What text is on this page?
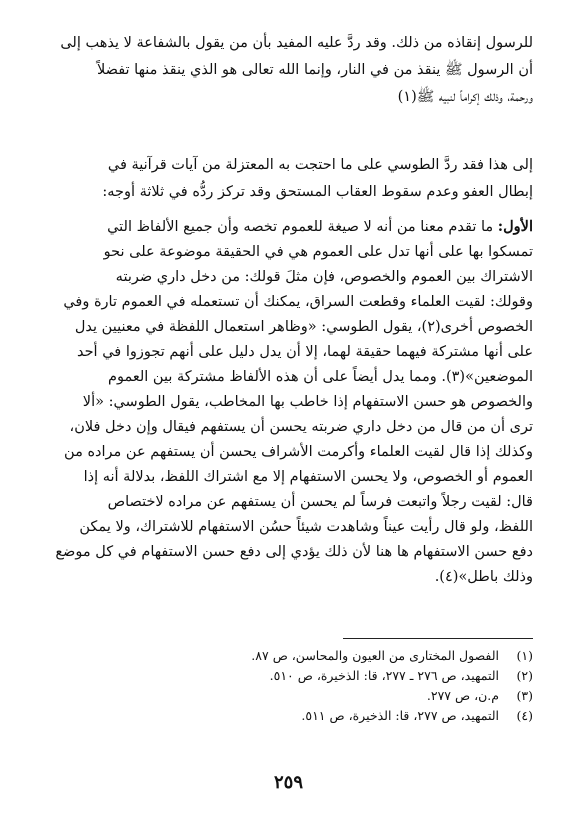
للرسول إنقاذه من ذلك. وقد ردَّ عليه المفيد بأن من يقول بالشفاعة لا يذهب إلى
أن الرسول ﷺ ينقذ من في النار، وإنما الله تعالى هو الذي ينقذ منها تفضلاً
ورحمة، وذلك إكراماً لنبيه ﷺ(١)
إلى هذا فقد ردَّ الطوسي على ما احتجت به المعتزلة من آيات قرآنية في
إبطال العفو وعدم سقوط العقاب المستحق وقد تركز ردُّه في ثلاثة أوجه:
الأول: ما تقدم معنا من أنه لا صيغة للعموم تخصه وأن جميع الألفاظ التي
تمسكوا بها على أنها تدل على العموم هي في الحقيقة موضوعة على نحو
الاشتراك بين العموم والخصوص، فإن مثلَ قولك: من دخل داري ضربته
وقولك: لقيت العلماء وقطعت السراق، يمكنك أن تستعمله في العموم تارة وفي
الخصوص أخرى(٢)، يقول الطوسي: «وظاهر استعمال اللفظة في معنيين يدل
على أنها مشتركة فيهما حقيقة لهما، إلا أن يدل دليل على أنهم تجوزوا في أحد
الموضعين»(٣). ومما يدل أيضاً على أن هذه الألفاظ مشتركة بين العموم
والخصوص هو حسن الاستفهام إذا خاطب بها المخاطب، يقول الطوسي: «ألا
ترى أن من قال من دخل داري ضربته يحسن أن يستفهم فيقال وإن دخل فلان،
وكذلك إذا قال لقيت العلماء وأكرمت الأشراف يحسن أن يستفهم عن مراده من
العموم أو الخصوص، ولا يحسن الاستفهام إلا مع اشتراك اللفظ، بدلالة أنه إذا
قال: لقيت رجلاً واتبعت فرساً لم يحسن أن يستفهم عن مراده لاختصاص
اللفظ، ولو قال رأيت عيناً وشاهدت شيئاً حسُن الاستفهام للاشتراك، ولا يمكن
دفع حسن الاستفهام ها هنا لأن ذلك يؤدي إلى دفع حسن الاستفهام في كل موضع
وذلك باطل»(٤).
(١) الفصول المختارى من العيون والمحاسن، ص ٨٧.
(٢) التمهيد، ص ٢٧٦ ـ ٢٧٧، قا: الذخيرة، ص ٥١٠.
(٣) م.ن، ص ٢٧٧.
(٤) التمهيد، ص ٢٧٧، قا: الذخيرة، ص ٥١١.
٢٥٩
